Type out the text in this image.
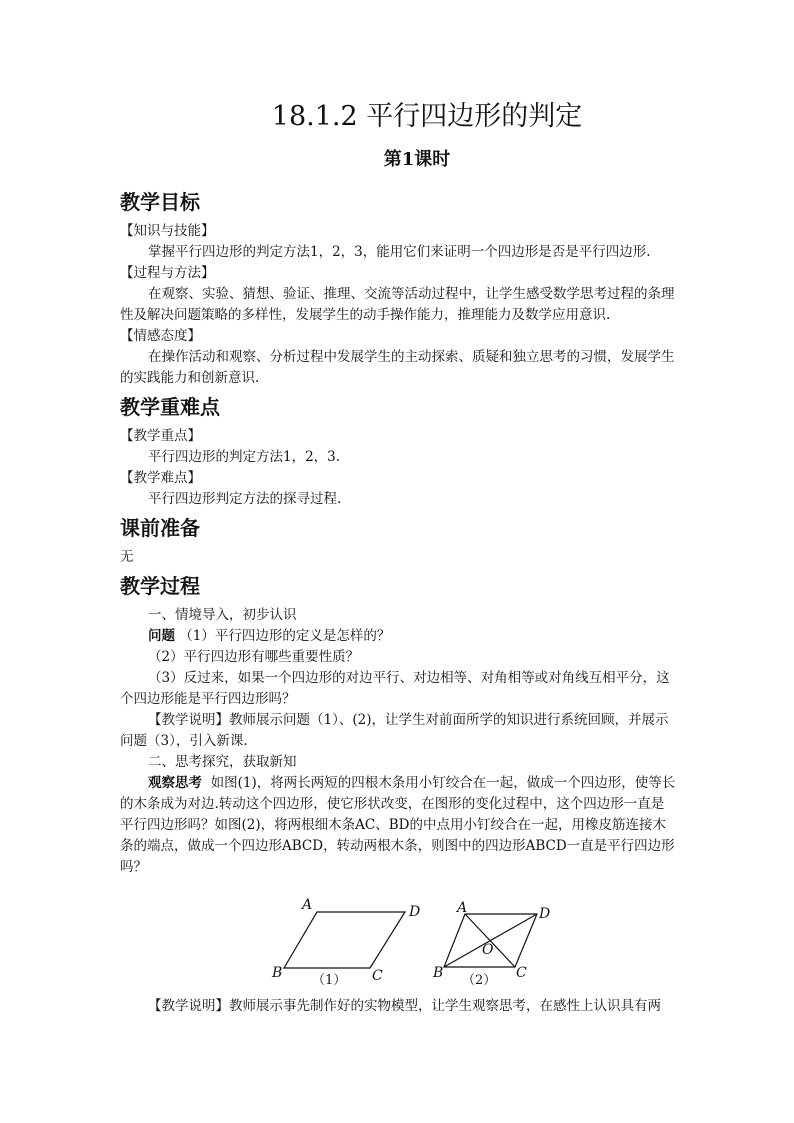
18.1.2 平行四边形的判定
第1课时
教学目标

【知识与技能】

掌握平行四边形的判定方法1，2，3，能用它们来证明一个四边形是否是平行四边形.

【过程与方法】

在观察、实验、猜想、验证、推理、交流等活动过程中，让学生感受数学思考过程的条理性及解决问题策略的多样性，发展学生的动手操作能力，推理能力及数学应用意识.

【情感态度】

在操作活动和观察、分析过程中发展学生的主动探索、质疑和独立思考的习惯，发展学生的实践能力和创新意识.

教学重难点

【教学重点】

平行四边形的判定方法1，2，3.

【教学难点】

平行四边形判定方法的探寻过程.

课前准备

无

教学过程

一、情境导入，初步认识

问题 （1）平行四边形的定义是怎样的？

（2）平行四边形有哪些重要性质？

（3）反过来，如果一个四边形的对边平行、对边相等、对角相等或对角线互相平分，这个四边形能是平行四边形吗？

【教学说明】教师展示问题（1）、(2)，让学生对前面所学的知识进行系统回顾，并展示问题（3），引入新课.

二、思考探究，获取新知

观察思考 如图(1)，将两长两短的四根木条用小钉绞合在一起，做成一个四边形，使等长的木条成为对边.转动这个四边形，使它形状改变，在图形的变化过程中，这个四边形一直是平行四边形吗？如图(2)，将两根细木条AC、BD的中点用小钉绞合在一起，用橡皮筋连接木条的端点，做成一个四边形ABCD，转动两根木条，则图中的四边形ABCD一直是平行四边形吗？

A	D
B	C
（1）
A	D
O
B	C
（2）

【教学说明】教师展示事先制作好的实物模型，让学生观察思考，在感性上认识具有两
